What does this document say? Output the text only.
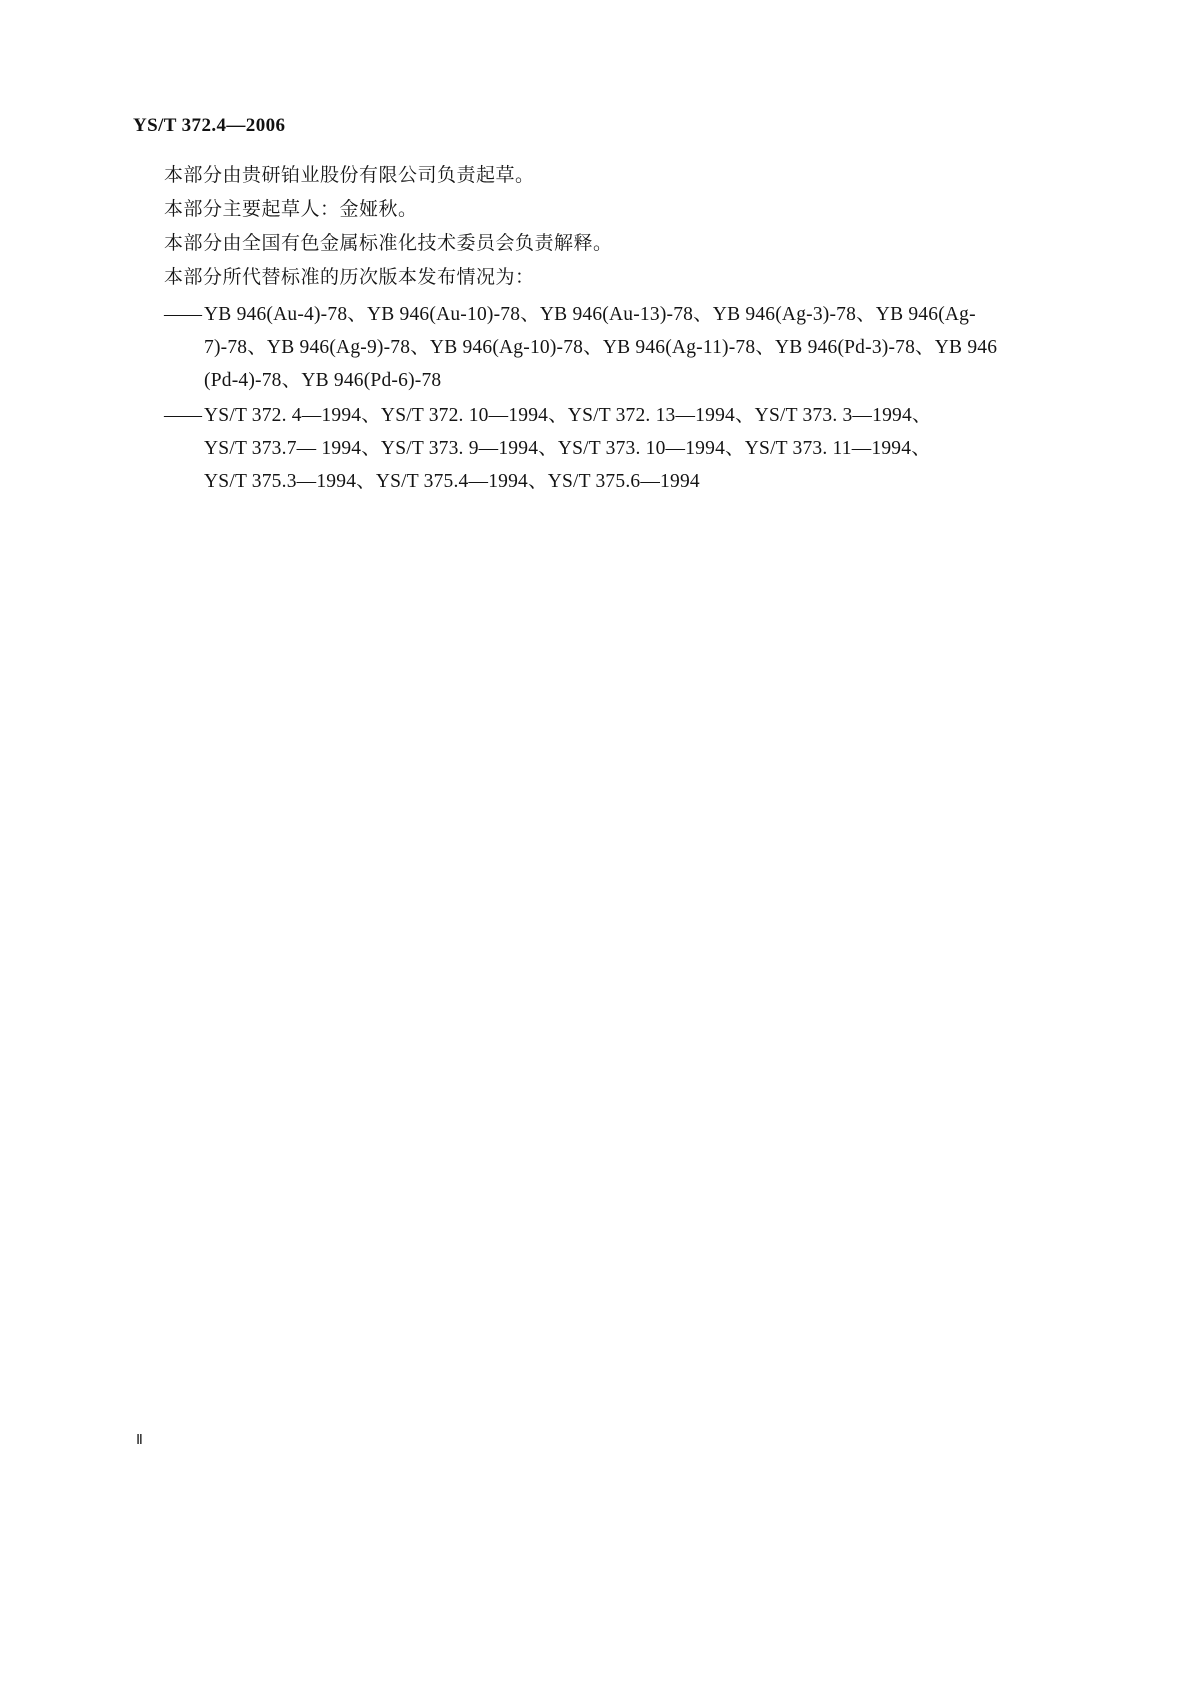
YS/T 372.4—2006

本部分由贵研铂业股份有限公司负责起草。

本部分主要起草人：金娅秋。

本部分由全国有色金属标准化技术委员会负责解释。

本部分所代替标准的历次版本发布情况为：

—— YB 946(Au-4)-78、YB 946(Au-10)-78、YB 946(Au-13)-78、YB 946(Ag-3)-78、YB 946(Ag-
7)-78、YB 946(Ag-9)-78、YB 946(Ag-10)-78、YB 946(Ag-11)-78、YB 946(Pd-3)-78、YB 946
(Pd-4)-78、YB 946(Pd-6)-78
—— YS/T 372. 4—1994、YS/T 372. 10—1994、YS/T 372. 13—1994、YS/T 373. 3—1994、
YS/T 373.7— 1994、YS/T 373. 9—1994、YS/T 373. 10—1994、YS/T 373. 11—1994、
YS/T 375.3—1994、YS/T 375.4—1994、YS/T 375.6—1994
Ⅱ
